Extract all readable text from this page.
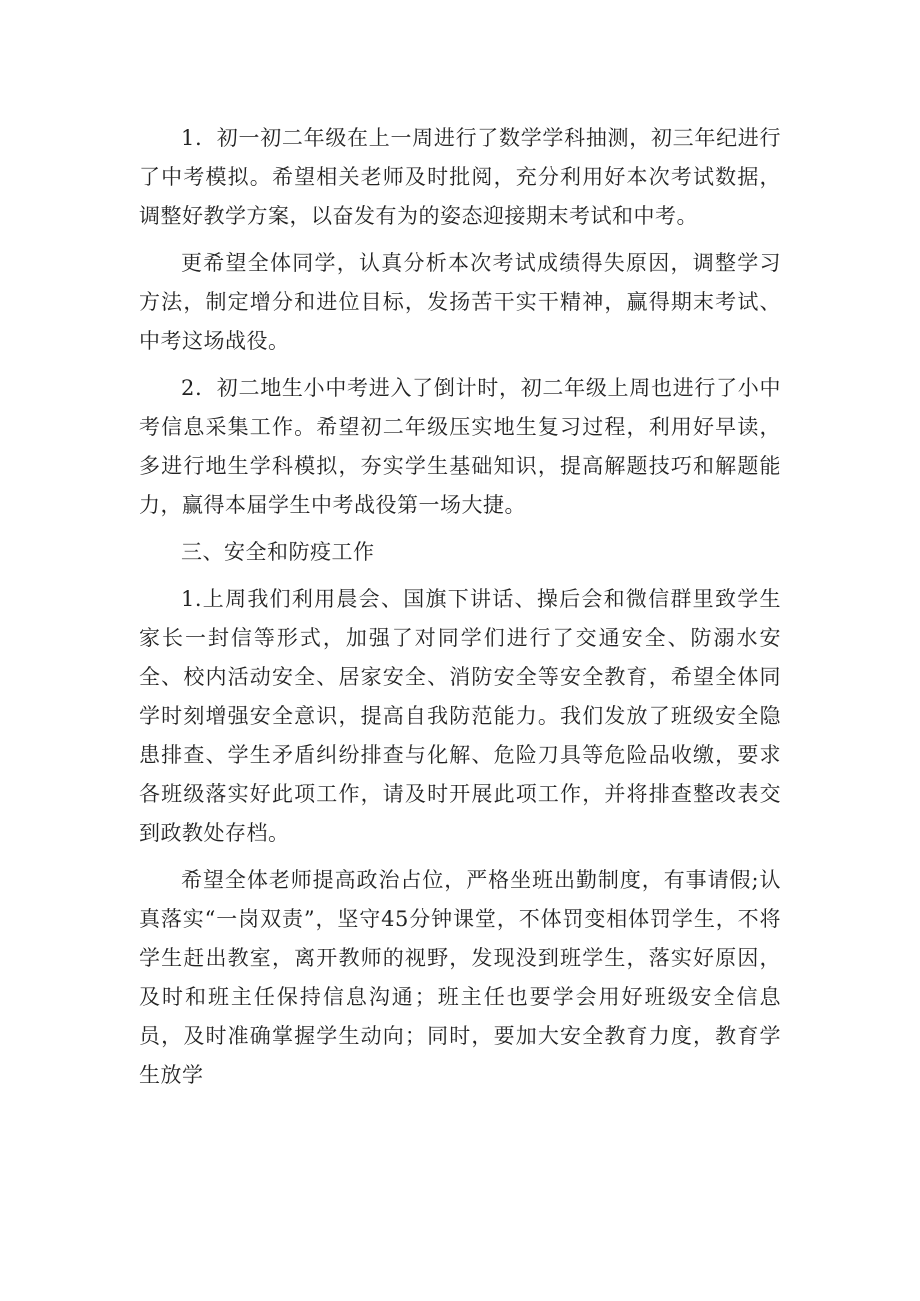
1．初一初二年级在上一周进行了数学学科抽测，初三年纪进行了中考模拟。希望相关老师及时批阅，充分利用好本次考试数据，调整好教学方案，以奋发有为的姿态迎接期末考试和中考。

更希望全体同学，认真分析本次考试成绩得失原因，调整学习方法，制定增分和进位目标，发扬苦干实干精神，赢得期末考试、中考这场战役。

2．初二地生小中考进入了倒计时，初二年级上周也进行了小中考信息采集工作。希望初二年级压实地生复习过程，利用好早读，多进行地生学科模拟，夯实学生基础知识，提高解题技巧和解题能力，赢得本届学生中考战役第一场大捷。

三、安全和防疫工作

1.上周我们利用晨会、国旗下讲话、操后会和微信群里致学生家长一封信等形式，加强了对同学们进行了交通安全、防溺水安全、校内活动安全、居家安全、消防安全等安全教育，希望全体同学时刻增强安全意识，提高自我防范能力。我们发放了班级安全隐患排查、学生矛盾纠纷排查与化解、危险刀具等危险品收缴，要求各班级落实好此项工作，请及时开展此项工作，并将排查整改表交到政教处存档。

希望全体老师提高政治占位，严格坐班出勤制度，有事请假;认真落实“一岗双责”，坚守45分钟课堂，不体罚变相体罚学生，不将学生赶出教室，离开教师的视野，发现没到班学生，落实好原因，及时和班主任保持信息沟通；班主任也要学会用好班级安全信息员，及时准确掌握学生动向；同时，要加大安全教育力度，教育学生放学
